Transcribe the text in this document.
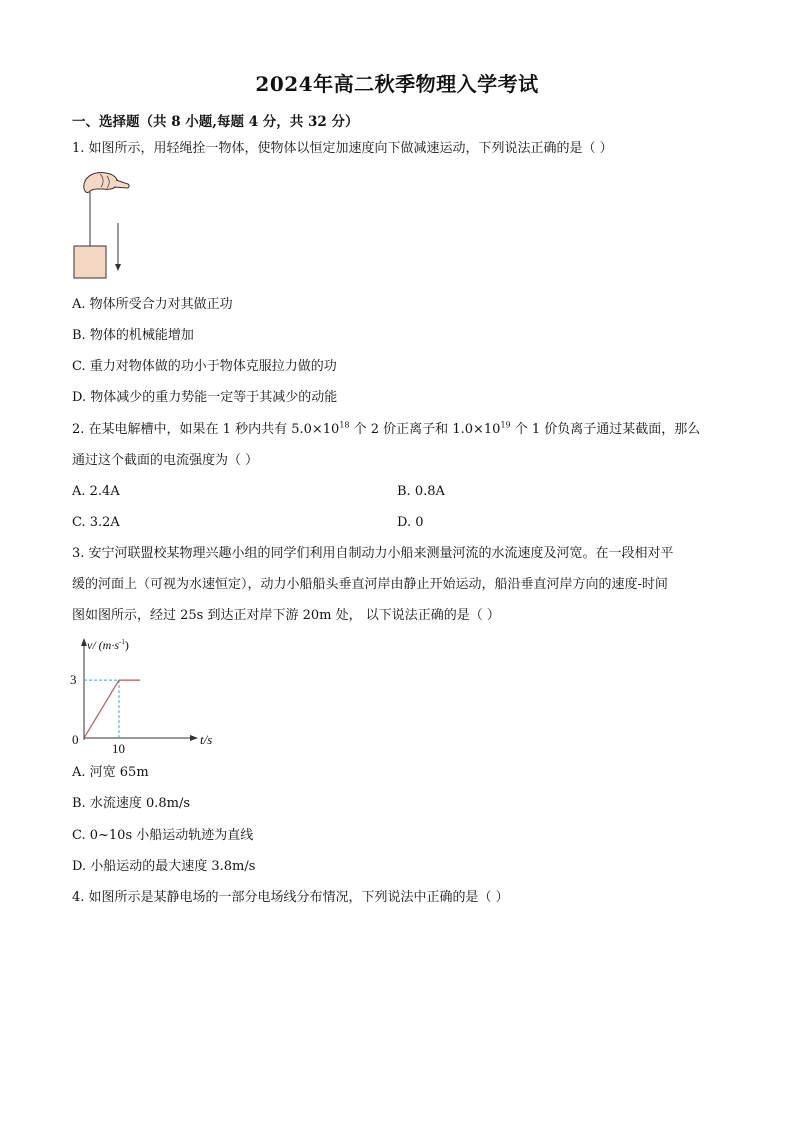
2024年高二秋季物理入学考试
一、选择题（共 8 小题,每题 4 分，共 32 分）
1. 如图所示，用轻绳拴一物体，使物体以恒定加速度向下做减速运动，下列说法正确的是（ ）
A. 物体所受合力对其做正功
B. 物体的机械能增加
C. 重力对物体做的功小于物体克服拉力做的功
D. 物体减少的重力势能一定等于其减少的动能
2. 在某电解槽中，如果在 1 秒内共有 $5.0\times 10^{18}$ 个 2 价正离子和 $1.0\times 10^{19}$ 个 1 价负离子通过某截面，那么
通过这个截面的电流强度为（ ）
A. 2.4A	B. 0.8A
C. 3.2A	D. 0
3. 安宁河联盟校某物理兴趣小组的同学们利用自制动力小船来测量河流的水流速度及河宽。在一段相对平
缓的河面上（可视为水速恒定），动力小船船头垂直河岸由静止开始运动，船沿垂直河岸方向的速度-时间
图如图所示，经过 25s 到达正对岸下游 20m 处， 以下说法正确的是（ ）
3
10
v/ $(m\cdot s^{-1})$
0	t/s
A. 河宽 65m
B. 水流速度 0.8m/s
C. 0~10s 小船运动轨迹为直线
D. 小船运动的最大速度 3.8m/s
4. 如图所示是某静电场的一部分电场线分布情况，下列说法中正确的是（ ）
